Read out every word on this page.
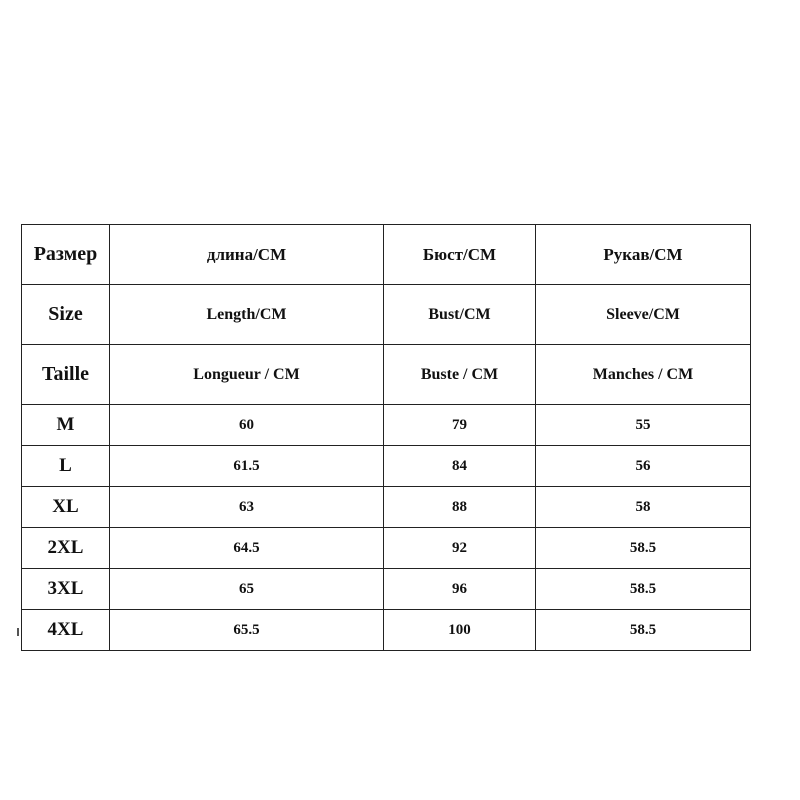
Размер	длина/CM	Бюст/CM	Рукав/CM
Size	Length/CM	Bust/CM	Sleeve/CM
Taille	Longueur / CM	Buste / CM	Manches / CM
M	60	79	55
L	61.5	84	56
XL	63	88	58
2XL	64.5	92	58.5
3XL	65	96	58.5
4XL	65.5	100	58.5
